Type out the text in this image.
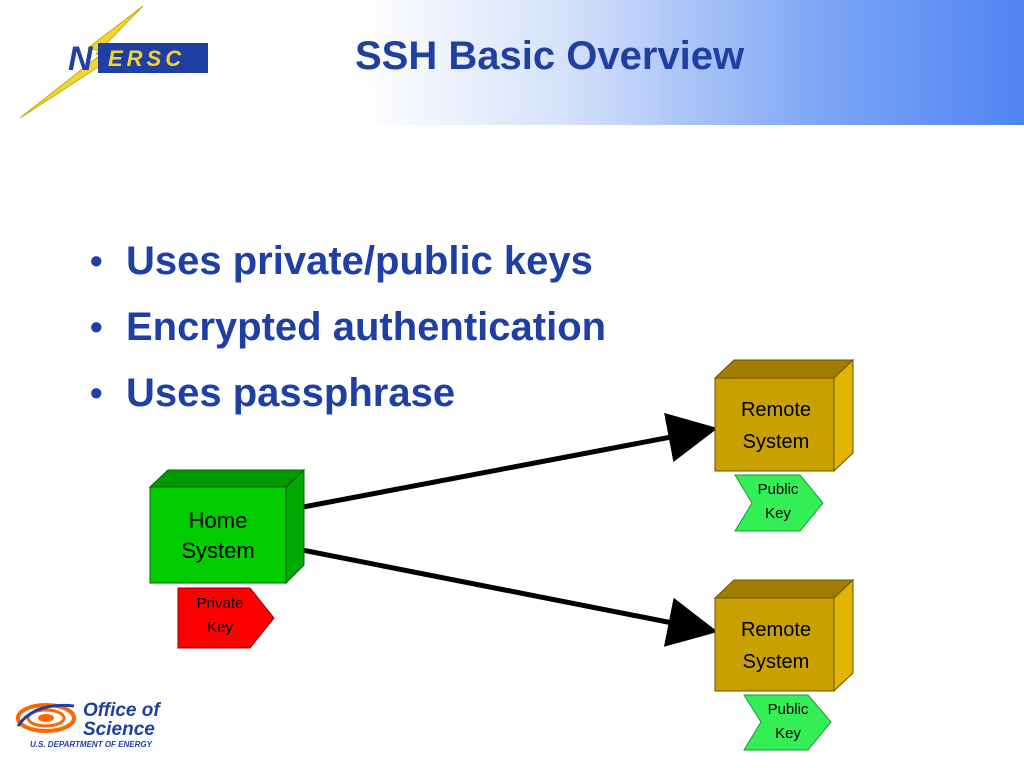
N ERSC	SSH Basic Overview
• Uses private/public keys
• Encrypted authentication
• Uses passphrase
Home
System
Private
Key
Remote
System
Public
Key
Remote
System
Public
Key
Office of
Science
U.S. DEPARTMENT OF ENERGY
